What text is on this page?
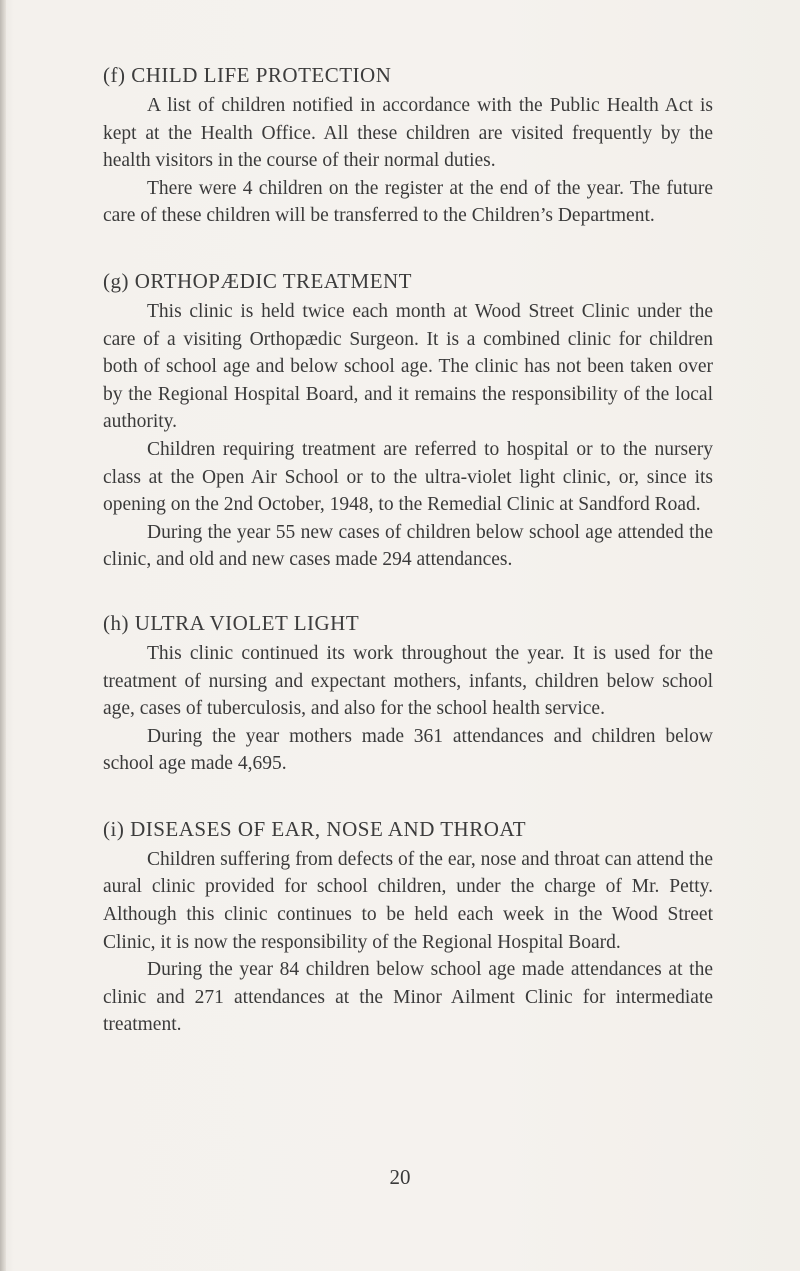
(f) CHILD LIFE PROTECTION

A list of children notified in accordance with the Public Health Act is kept at the Health Office. All these children are visited frequently by the health visitors in the course of their normal duties.

There were 4 children on the register at the end of the year. The future care of these children will be transferred to the Children’s Department.

(g) ORTHOPÆDIC TREATMENT

This clinic is held twice each month at Wood Street Clinic under the care of a visiting Orthopædic Surgeon. It is a combined clinic for children both of school age and below school age. The clinic has not been taken over by the Regional Hospital Board, and it remains the responsibility of the local authority.

Children requiring treatment are referred to hospital or to the nursery class at the Open Air School or to the ultra-violet light clinic, or, since its opening on the 2nd October, 1948, to the Remedial Clinic at Sandford Road.

During the year 55 new cases of children below school age attended the clinic, and old and new cases made 294 attendances.

(h) ULTRA VIOLET LIGHT

This clinic continued its work throughout the year. It is used for the treatment of nursing and expectant mothers, infants, children below school age, cases of tuberculosis, and also for the school health service.

During the year mothers made 361 attendances and children below school age made 4,695.

(i) DISEASES OF EAR, NOSE AND THROAT

Children suffering from defects of the ear, nose and throat can attend the aural clinic provided for school children, under the charge of Mr. Petty. Although this clinic continues to be held each week in the Wood Street Clinic, it is now the responsibility of the Regional Hospital Board.

During the year 84 children below school age made attendances at the clinic and 271 attendances at the Minor Ailment Clinic for intermediate treatment.

20
